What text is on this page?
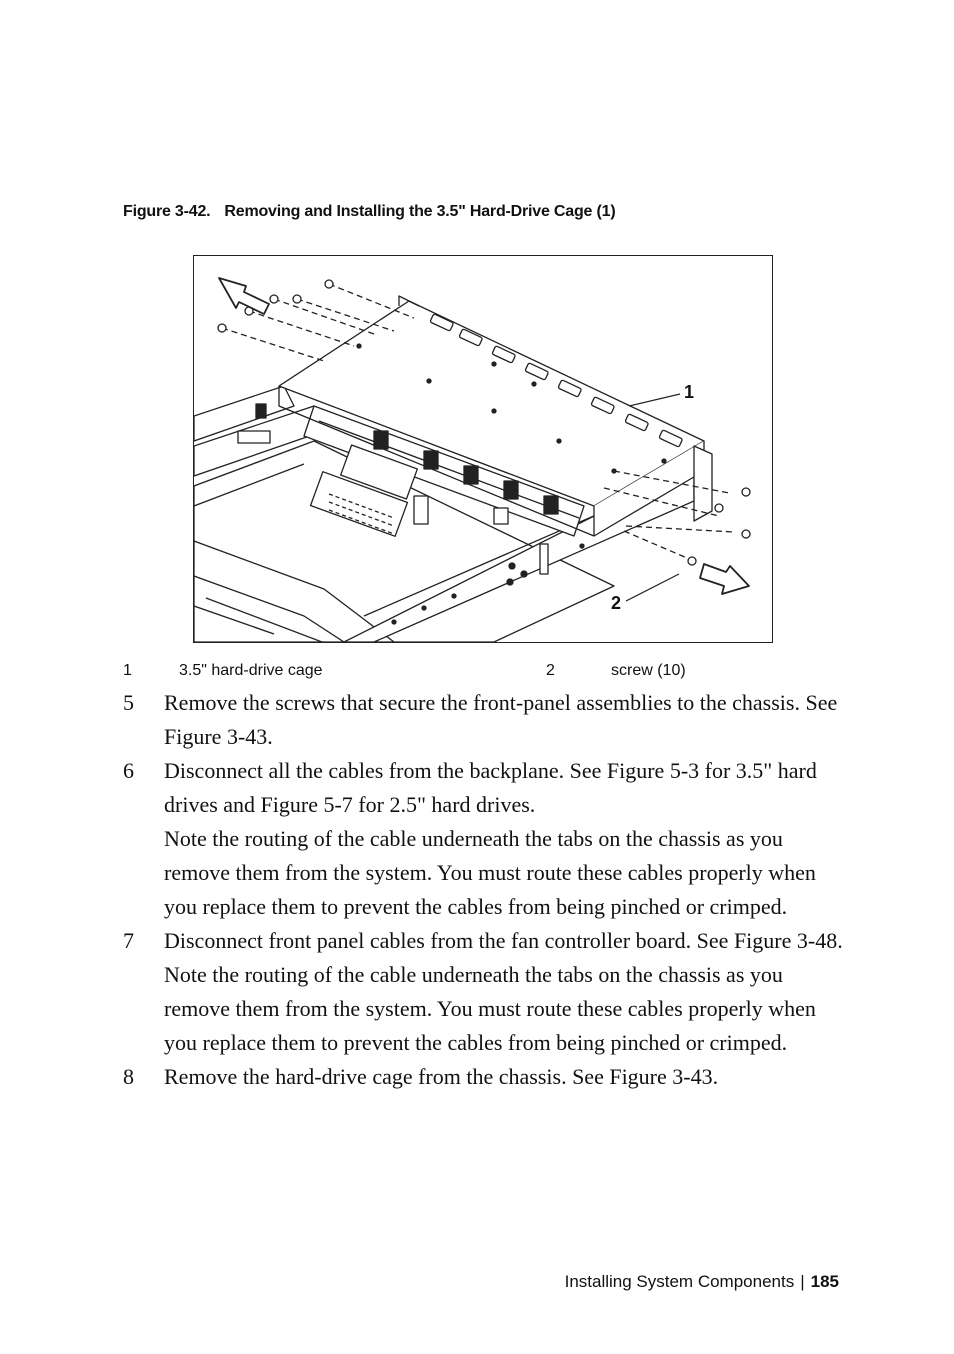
Figure 3-42. Removing and Installing the 3.5" Hard-Drive Cage (1)
1
2
1	3.5" hard-drive cage	2	screw (10)
5	Remove the screws that secure the front-panel assemblies to the chassis. See Figure 3-43.
6	Disconnect all the cables from the backplane. See Figure 5-3 for 3.5" hard drives and Figure 5-7 for 2.5" hard drives.
Note the routing of the cable underneath the tabs on the chassis as you remove them from the system. You must route these cables properly when you replace them to prevent the cables from being pinched or crimped.
7	Disconnect front panel cables from the fan controller board. See Figure 3-48.
Note the routing of the cable underneath the tabs on the chassis as you remove them from the system. You must route these cables properly when you replace them to prevent the cables from being pinched or crimped.
8	Remove the hard-drive cage from the chassis. See Figure 3-43.
Installing System Components | 185
